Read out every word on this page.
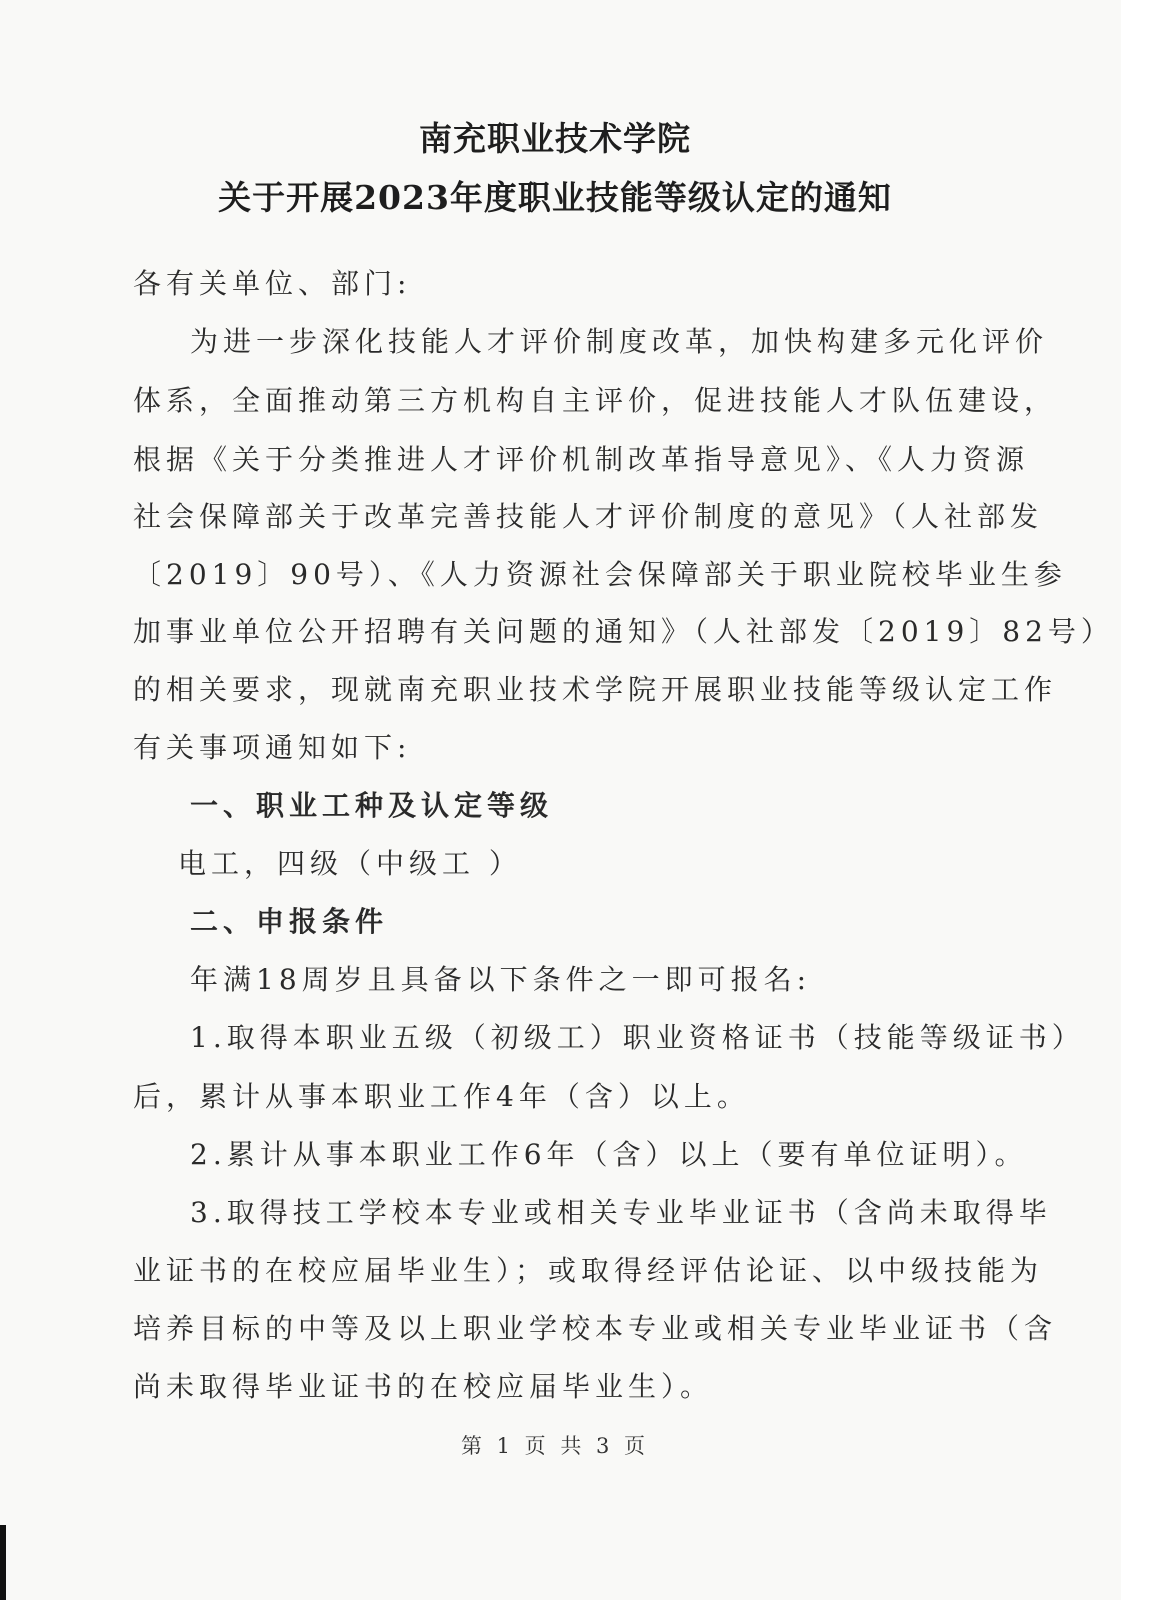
南充职业技术学院
关于开展2023年度职业技能等级认定的通知
各有关单位、部门:
为进一步深化技能人才评价制度改革，加快构建多元化评价
体系，全面推动第三方机构自主评价，促进技能人才队伍建设，
根据《关于分类推进人才评价机制改革指导意见》、《人力资源
社会保障部关于改革完善技能人才评价制度的意见》（人社部发
〔2019〕90号）、《人力资源社会保障部关于职业院校毕业生参
加事业单位公开招聘有关问题的通知》（人社部发〔2019〕82号）
的相关要求，现就南充职业技术学院开展职业技能等级认定工作
有关事项通知如下:
一、职业工种及认定等级
电工，四级（中级工 ）
二、申报条件
年满18周岁且具备以下条件之一即可报名:
1.取得本职业五级（初级工）职业资格证书（技能等级证书）
后，累计从事本职业工作4年（含）以上。
2.累计从事本职业工作6年（含）以上（要有单位证明）。
3.取得技工学校本专业或相关专业毕业证书（含尚未取得毕
业证书的在校应届毕业生）；或取得经评估论证、以中级技能为
培养目标的中等及以上职业学校本专业或相关专业毕业证书（含
尚未取得毕业证书的在校应届毕业生）。
第 1 页 共 3 页
